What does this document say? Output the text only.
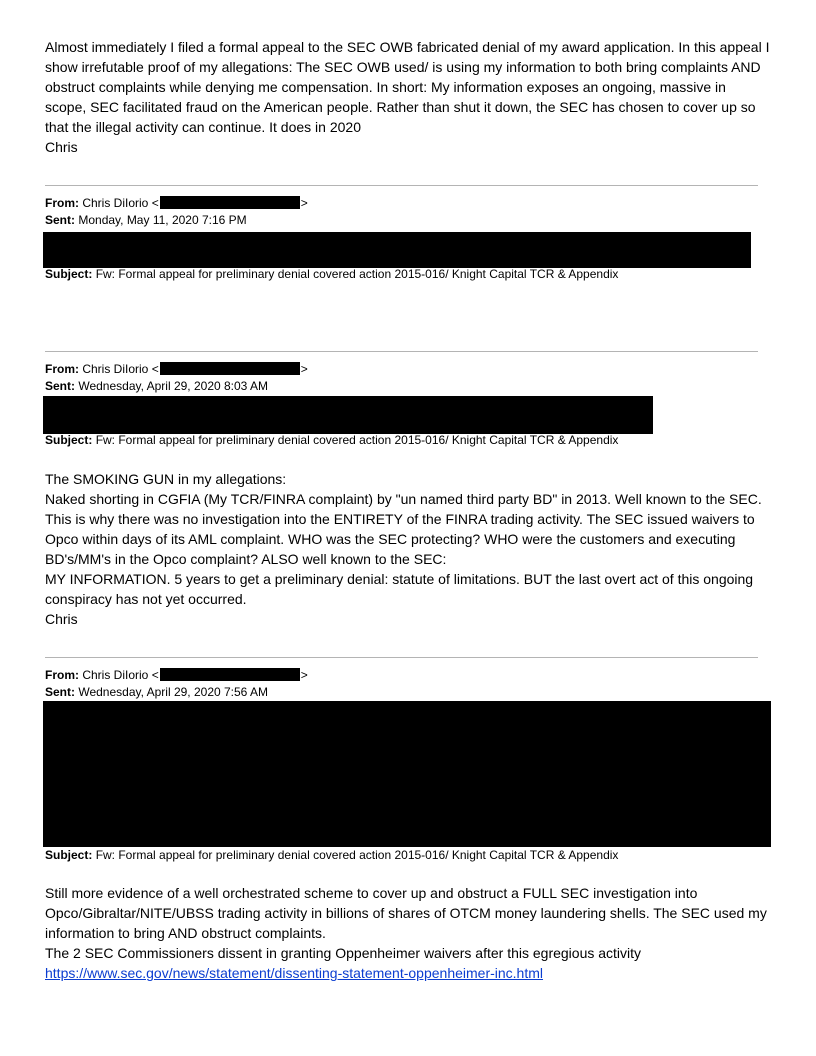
Almost immediately I filed a formal appeal to the SEC OWB fabricated denial of my award application. In this appeal I show irrefutable proof of my allegations: The SEC OWB used/ is using my information to both bring complaints AND obstruct complaints while denying me compensation. In short: My information exposes an ongoing, massive in scope, SEC facilitated fraud on the American people. Rather than shut it down, the SEC has chosen to cover up so that the illegal activity can continue. It does in 2020

Chris

From: Chris DiIorio <	>
Sent: Monday, May 11, 2020 7:16 PM
Subject: Fw: Formal appeal for preliminary denial covered action 2015-016/ Knight Capital TCR & Appendix
From: Chris DiIorio <	>
Sent: Wednesday, April 29, 2020 8:03 AM
Subject: Fw: Formal appeal for preliminary denial covered action 2015-016/ Knight Capital TCR & Appendix

The SMOKING GUN in my allegations:

Naked shorting in CGFIA (My TCR/FINRA complaint) by "un named third party BD" in 2013. Well known to the SEC. This is why there was no investigation into the ENTIRETY of the FINRA trading activity. The SEC issued waivers to Opco within days of its AML complaint. WHO was the SEC protecting? WHO were the customers and executing BD's/MM's in the Opco complaint? ALSO well known to the SEC:

MY INFORMATION. 5 years to get a preliminary denial: statute of limitations. BUT the last overt act of this ongoing conspiracy has not yet occurred.

Chris

From: Chris DiIorio <	>
Sent: Wednesday, April 29, 2020 7:56 AM
Subject: Fw: Formal appeal for preliminary denial covered action 2015-016/ Knight Capital TCR & Appendix

Still more evidence of a well orchestrated scheme to cover up and obstruct a FULL SEC investigation into Opco/Gibraltar/NITE/UBSS trading activity in billions of shares of OTCM money laundering shells. The SEC used my information to bring AND obstruct complaints.

The 2 SEC Commissioners dissent in granting Oppenheimer waivers after this egregious activity

https://www.sec.gov/news/statement/dissenting-statement-oppenheimer-inc.html
